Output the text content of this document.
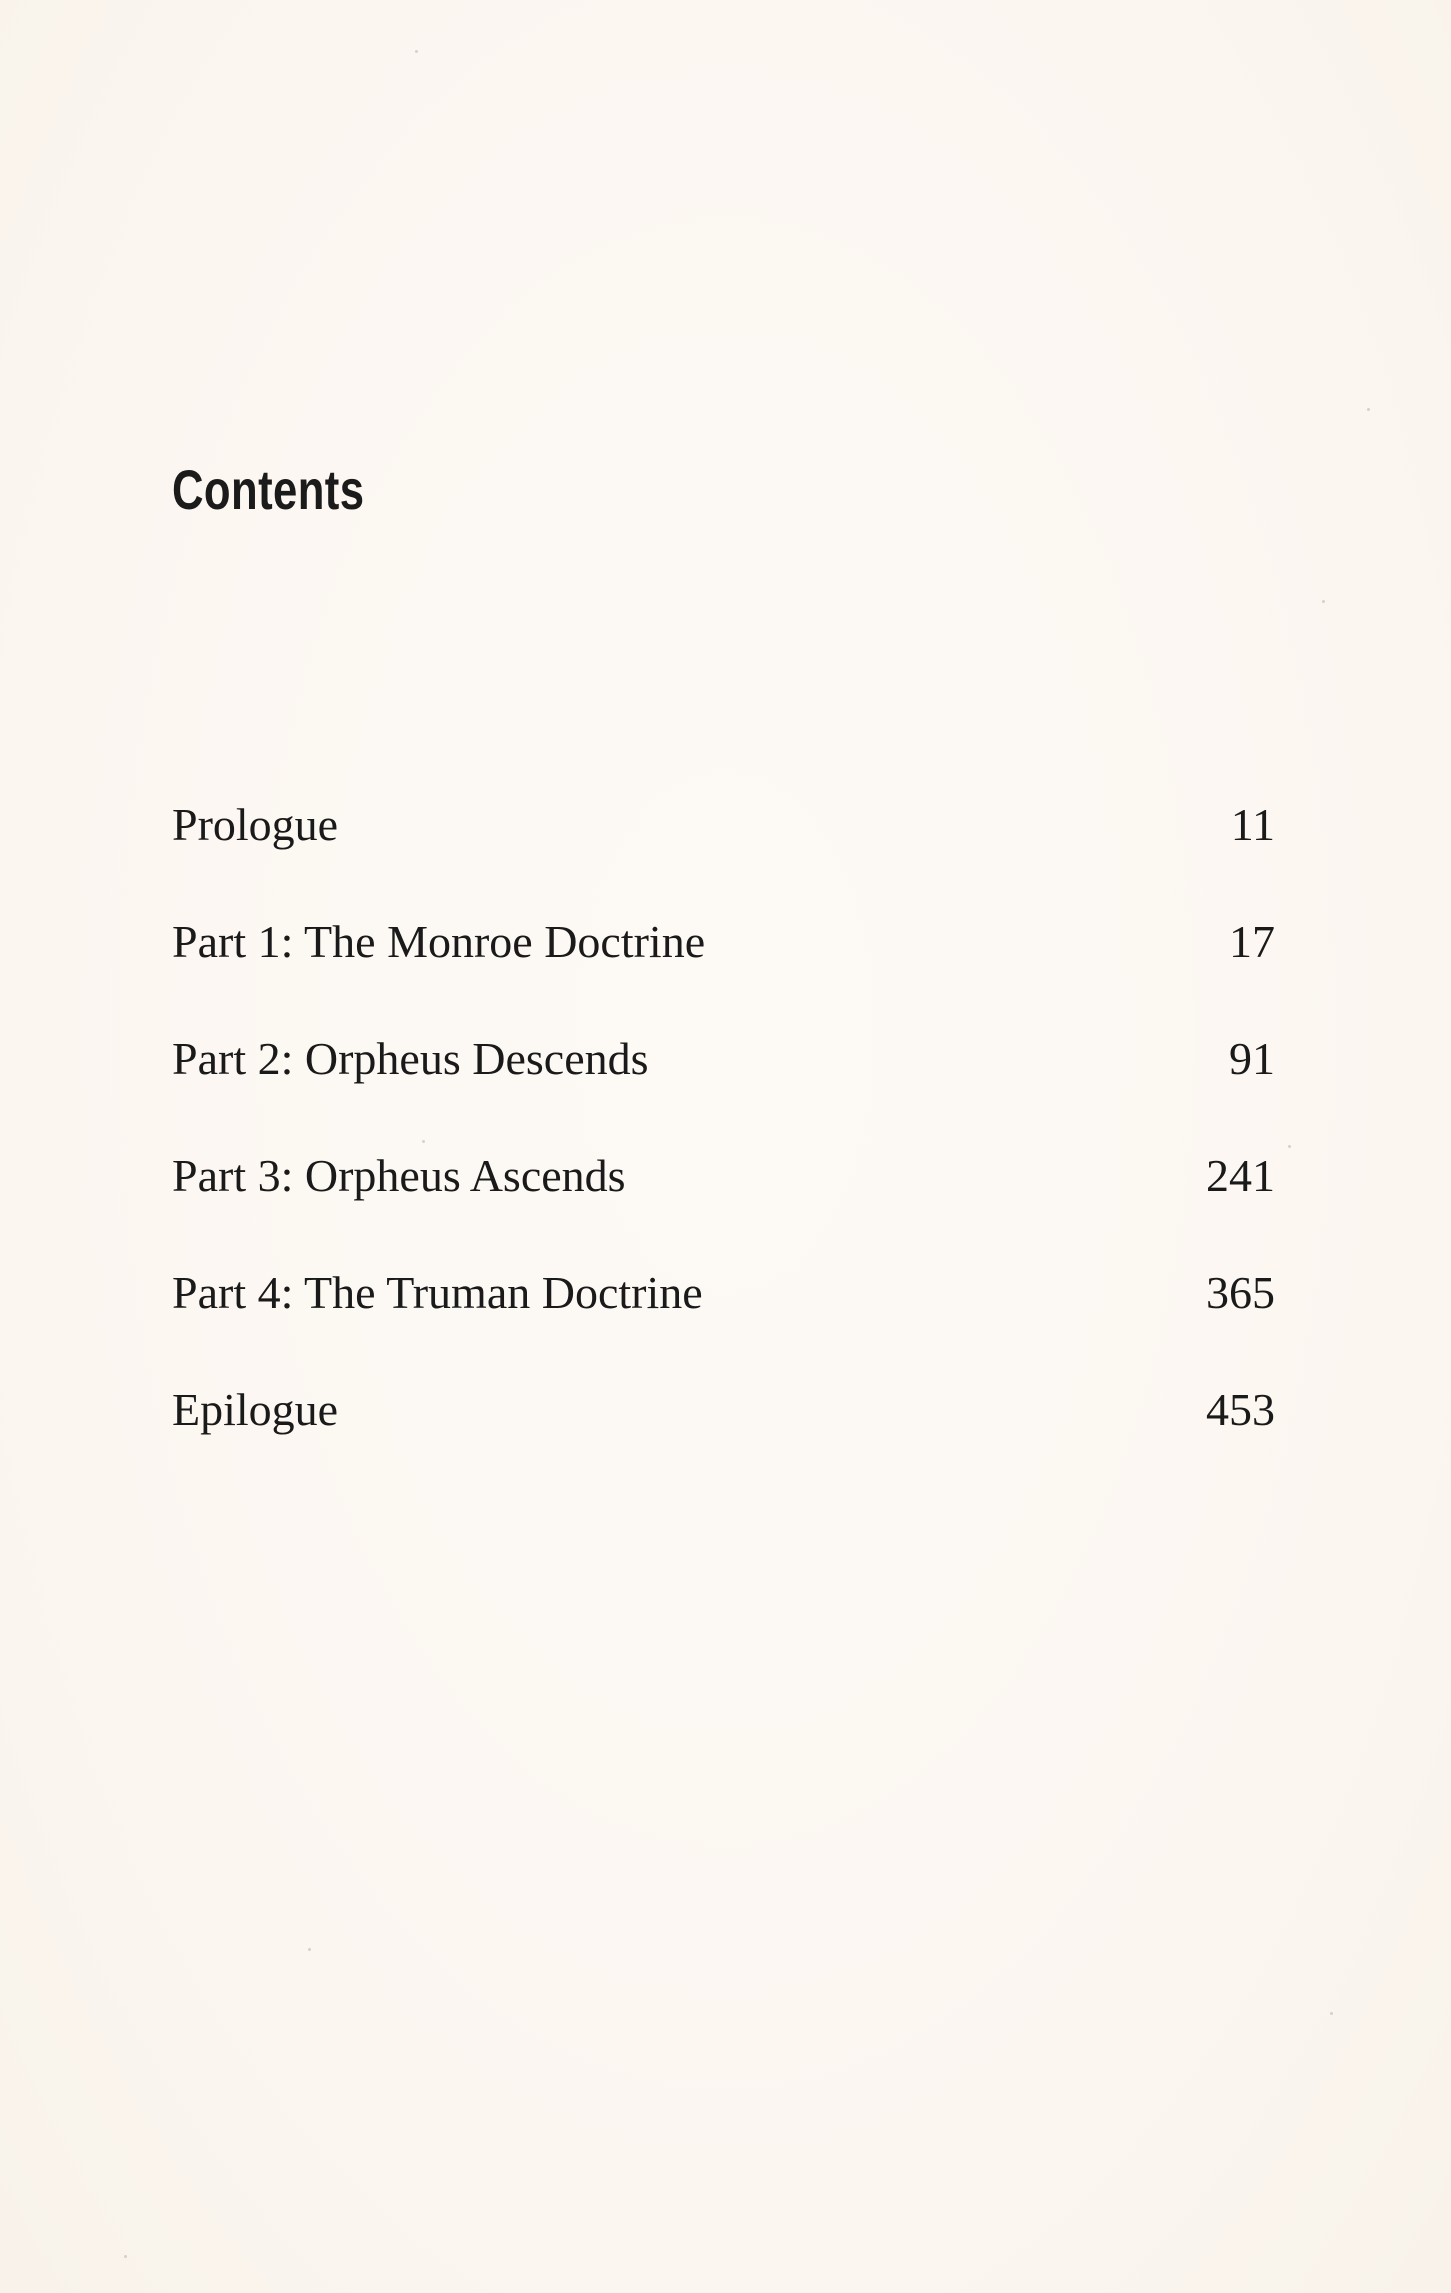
Contents
Prologue	11
Part 1: The Monroe Doctrine	17
Part 2: Orpheus Descends	91
Part 3: Orpheus Ascends	241
Part 4: The Truman Doctrine	365
Epilogue	453
